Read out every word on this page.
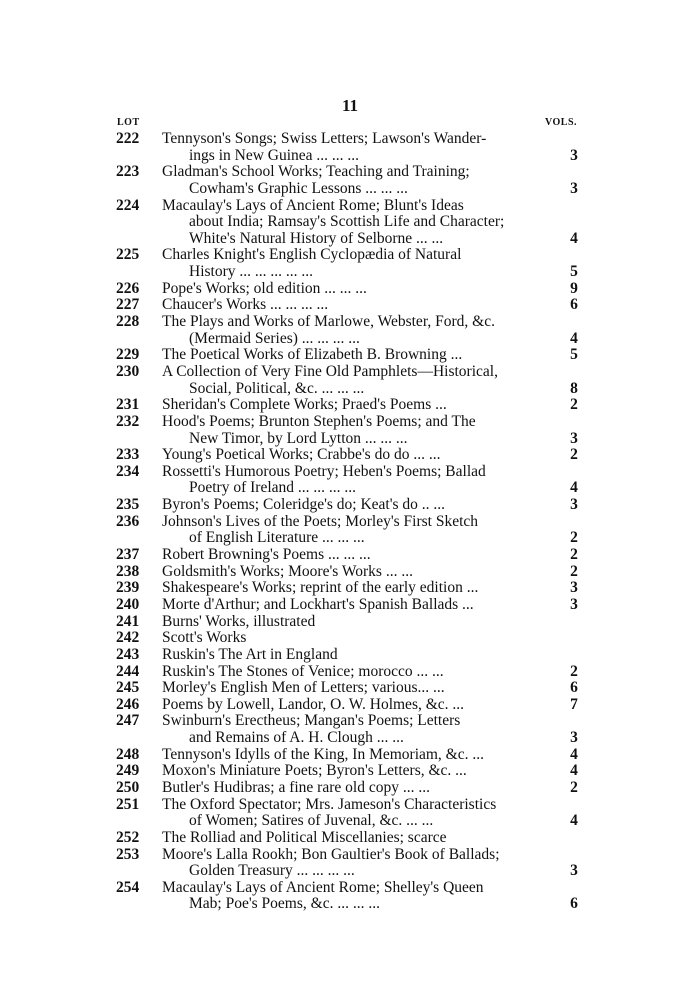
11
LOT	VOLS.
222	Tennyson's Songs; Swiss Letters; Lawson's Wander-
ings in New Guinea ... ... ...	3
223	Gladman's School Works; Teaching and Training;
Cowham's Graphic Lessons ... ... ...	3
224	Macaulay's Lays of Ancient Rome; Blunt's Ideas
about India; Ramsay's Scottish Life and Character;
White's Natural History of Selborne ... ...	4
225	Charles Knight's English Cyclopædia of Natural
History ... ... ... ... ...	5
226	Pope's Works; old edition ... ... ...	9
227	Chaucer's Works ... ... ... ...	6
228	The Plays and Works of Marlowe, Webster, Ford, &c.
(Mermaid Series) ... ... ... ...	4
229	The Poetical Works of Elizabeth B. Browning ...	5
230	A Collection of Very Fine Old Pamphlets—Historical,
Social, Political, &c. ... ... ...	8
231	Sheridan's Complete Works; Praed's Poems ...	2
232	Hood's Poems; Brunton Stephen's Poems; and The
New Timor, by Lord Lytton ... ... ...	3
233	Young's Poetical Works; Crabbe's do do ... ...	2
234	Rossetti's Humorous Poetry; Heben's Poems; Ballad
Poetry of Ireland ... ... ... ...	4
235	Byron's Poems; Coleridge's do; Keat's do .. ...	3
236	Johnson's Lives of the Poets; Morley's First Sketch
of English Literature ... ... ...	2
237	Robert Browning's Poems ... ... ...	2
238	Goldsmith's Works; Moore's Works ... ...	2
239	Shakespeare's Works; reprint of the early edition ...	3
240	Morte d'Arthur; and Lockhart's Spanish Ballads ...	3
241	Burns' Works, illustrated
242	Scott's Works
243	Ruskin's The Art in England
244	Ruskin's The Stones of Venice; morocco ... ...	2
245	Morley's English Men of Letters; various... ...	6
246	Poems by Lowell, Landor, O. W. Holmes, &c. ...	7
247	Swinburn's Erectheus; Mangan's Poems; Letters
and Remains of A. H. Clough ... ...	3
248	Tennyson's Idylls of the King, In Memoriam, &c. ...	4
249	Moxon's Miniature Poets; Byron's Letters, &c. ...	4
250	Butler's Hudibras; a fine rare old copy ... ...	2
251	The Oxford Spectator; Mrs. Jameson's Characteristics
of Women; Satires of Juvenal, &c. ... ...	4
252	The Rolliad and Political Miscellanies; scarce
253	Moore's Lalla Rookh; Bon Gaultier's Book of Ballads;
Golden Treasury ... ... ... ...	3
254	Macaulay's Lays of Ancient Rome; Shelley's Queen
Mab; Poe's Poems, &c. ... ... ...	6
